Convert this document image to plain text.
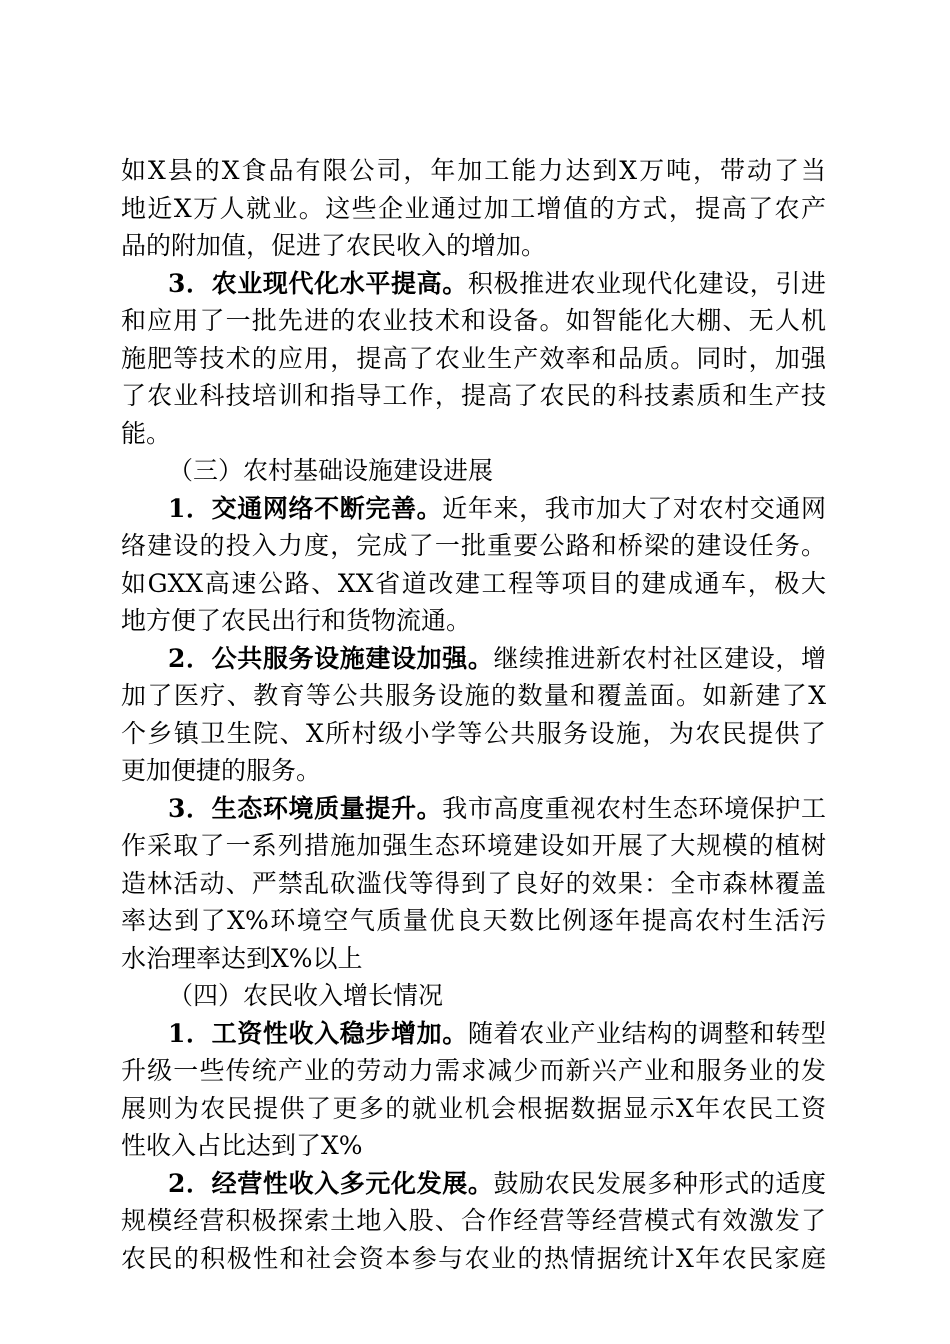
如X县的X食品有限公司，年加工能力达到X万吨，带动了当
地近X万人就业。这些企业通过加工增值的方式，提高了农产
品的附加值，促进了农民收入的增加。
3．农业现代化水平提高。积极推进农业现代化建设，引进
和应用了一批先进的农业技术和设备。如智能化大棚、无人机
施肥等技术的应用，提高了农业生产效率和品质。同时，加强
了农业科技培训和指导工作，提高了农民的科技素质和生产技
能。
（三）农村基础设施建设进展
1．交通网络不断完善。近年来，我市加大了对农村交通网
络建设的投入力度，完成了一批重要公路和桥梁的建设任务。
如GXX高速公路、XX省道改建工程等项目的建成通车，极大
地方便了农民出行和货物流通。
2．公共服务设施建设加强。继续推进新农村社区建设，增
加了医疗、教育等公共服务设施的数量和覆盖面。如新建了X
个乡镇卫生院、X所村级小学等公共服务设施，为农民提供了
更加便捷的服务。
3．生态环境质量提升。我市高度重视农村生态环境保护工
作采取了一系列措施加强生态环境建设如开展了大规模的植树
造林活动、严禁乱砍滥伐等得到了良好的效果：全市森林覆盖
率达到了X%环境空气质量优良天数比例逐年提高农村生活污
水治理率达到X%以上
（四）农民收入增长情况
1．工资性收入稳步增加。随着农业产业结构的调整和转型
升级一些传统产业的劳动力需求减少而新兴产业和服务业的发
展则为农民提供了更多的就业机会根据数据显示X年农民工资
性收入占比达到了X%
2．经营性收入多元化发展。鼓励农民发展多种形式的适度
规模经营积极探索土地入股、合作经营等经营模式有效激发了
农民的积极性和社会资本参与农业的热情据统计X年农民家庭
